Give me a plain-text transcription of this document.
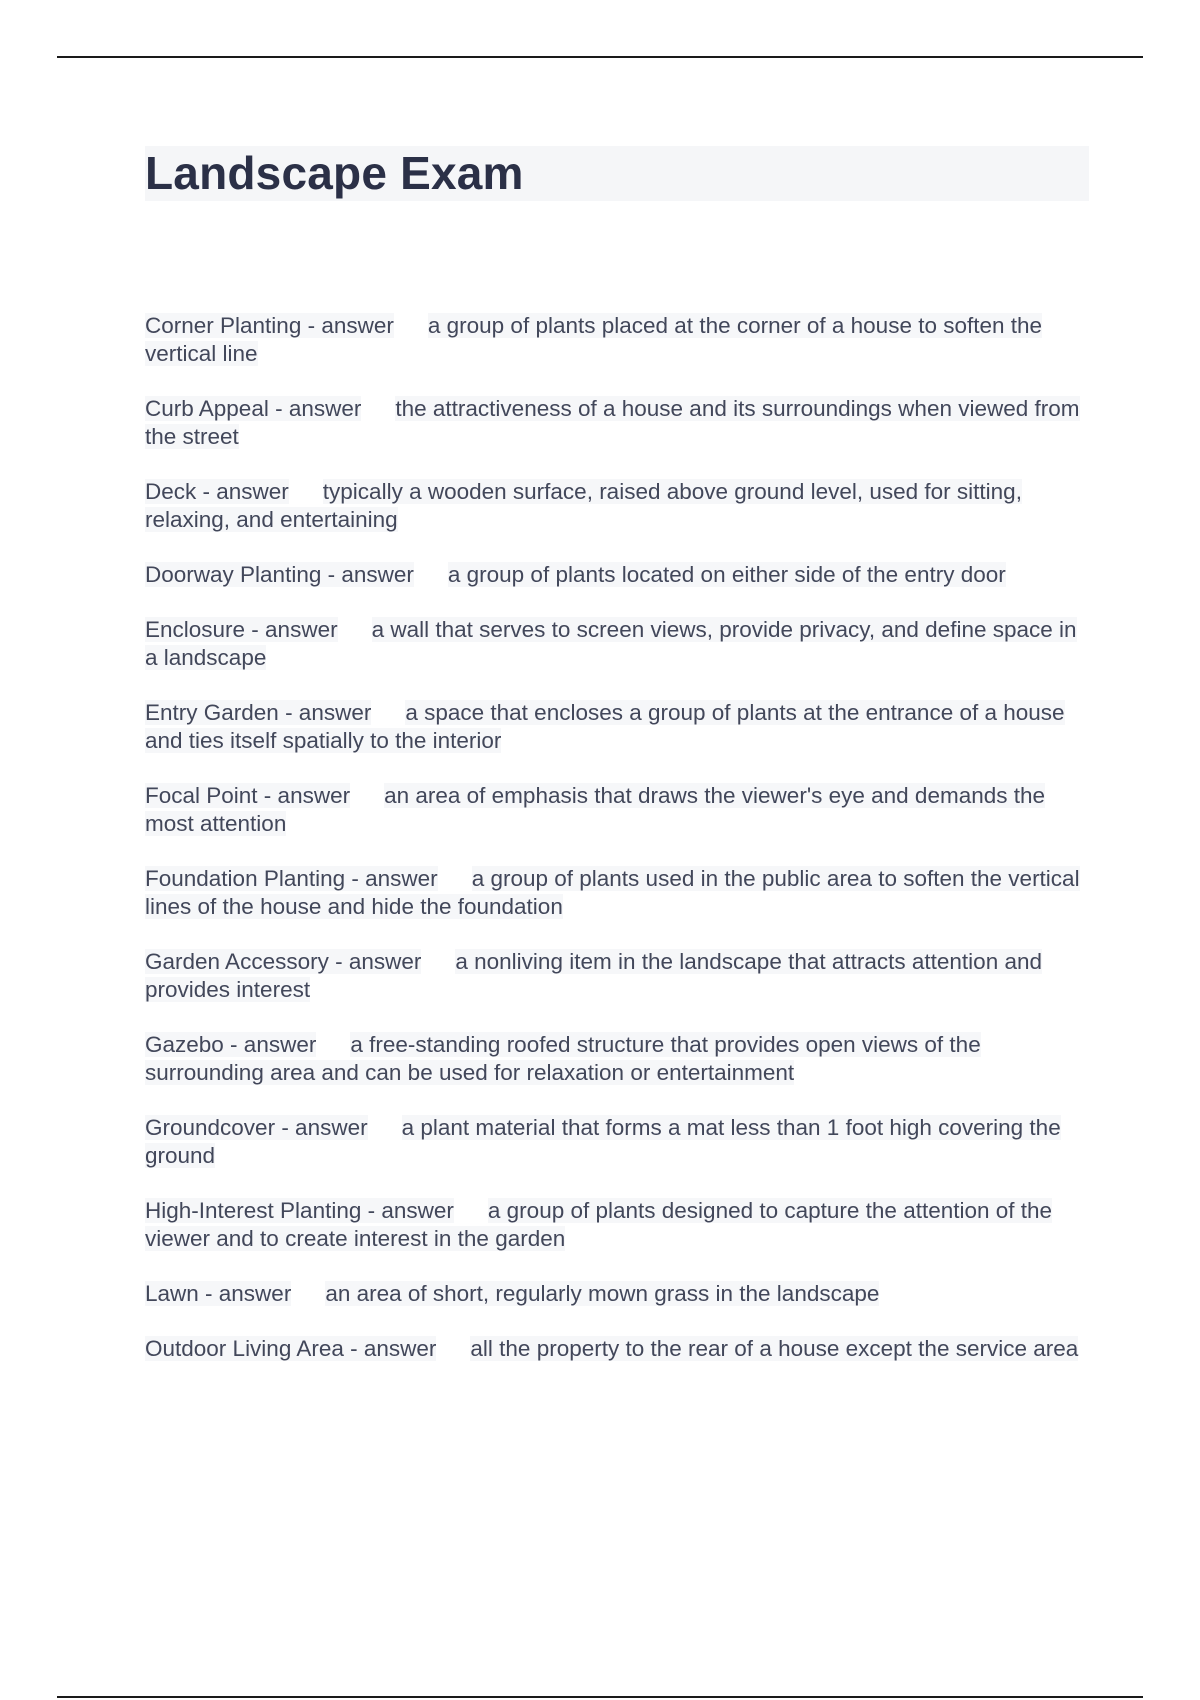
Landscape Exam

Corner Planting - answer a group of plants placed at the corner of a house to soften the vertical line

Curb Appeal - answer the attractiveness of a house and its surroundings when viewed from the street

Deck - answer typically a wooden surface, raised above ground level, used for sitting, relaxing, and entertaining

Doorway Planting - answer a group of plants located on either side of the entry door

Enclosure - answer a wall that serves to screen views, provide privacy, and define space in a landscape

Entry Garden - answer a space that encloses a group of plants at the entrance of a house and ties itself spatially to the interior

Focal Point - answer an area of emphasis that draws the viewer's eye and demands the most attention

Foundation Planting - answer a group of plants used in the public area to soften the vertical lines of the house and hide the foundation

Garden Accessory - answer a nonliving item in the landscape that attracts attention and provides interest

Gazebo - answer a free-standing roofed structure that provides open views of the surrounding area and can be used for relaxation or entertainment

Groundcover - answer a plant material that forms a mat less than 1 foot high covering the ground

High-Interest Planting - answer a group of plants designed to capture the attention of the viewer and to create interest in the garden

Lawn - answer an area of short, regularly mown grass in the landscape

Outdoor Living Area - answer all the property to the rear of a house except the service area
